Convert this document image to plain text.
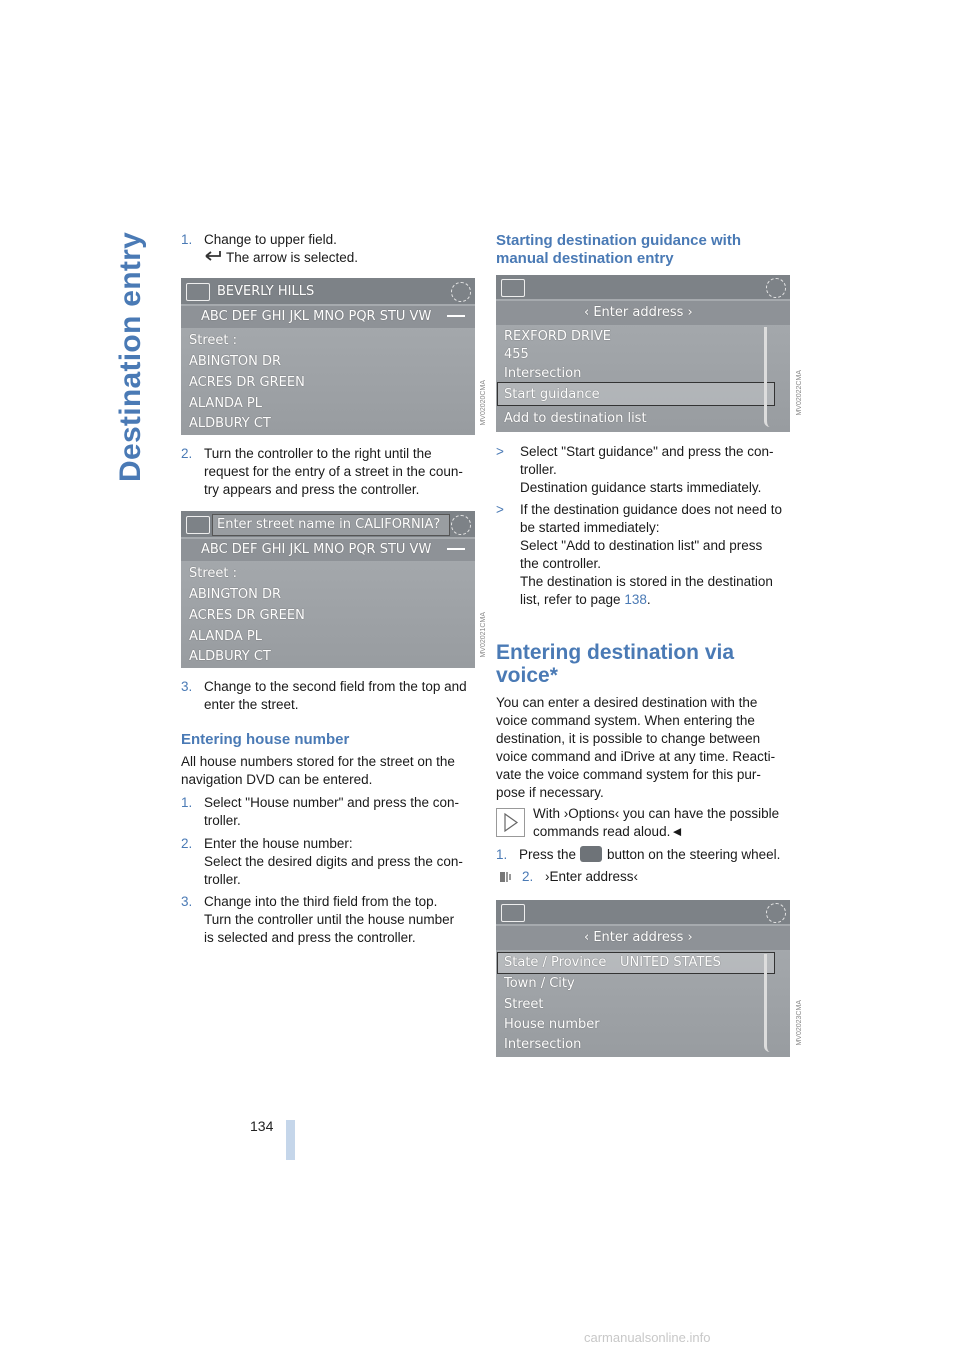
Destination entry	1. Change to upper field.
The arrow is selected.
BEVERLY HILLS
ABC DEF GHI JKL MNO PQR STU VW
Street :
ABINGTON DR
ACRES DR GREEN
ALANDA PL
ALDBURY CT	MV02020CMA
2. Turn the controller to the right until the
request for the entry of a street in the coun-
try appears and press the controller.
Enter street name in CALIFORNIA?
ABC DEF GHI JKL MNO PQR STU VW
Street :
ABINGTON DR
ACRES DR GREEN
ALANDA PL
ALDBURY CT	MV02021CMA
3. Change to the second field from the top and
enter the street.
Entering house number
All house numbers stored for the street on the
navigation DVD can be entered.
1. Select "House number" and press the con-
troller.
2. Enter the house number:
Select the desired digits and press the con-
troller.
3. Change into the third field from the top.
Turn the controller until the house number
is selected and press the controller.
Starting destination guidance with
manual destination entry
‹ Enter address ›
REXFORD DRIVE
455
Intersection
Start guidance
Add to destination list
MV02022CMA
> Select "Start guidance" and press the con-
troller.
Destination guidance starts immediately.
> If the destination guidance does not need to
be started immediately:
Select "Add to destination list" and press
the controller.
The destination is stored in the destination
list, refer to page 138.
Entering destination via
voice*
You can enter a desired destination with the
voice command system. When entering the
destination, it is possible to change between
voice command and iDrive at any time. Reacti-
vate the voice command system for this pur-
pose if necessary.
With ›Options‹ you can have the possible
commands read aloud.◄
1. Press the button on the steering wheel.
2. ›Enter address‹
‹ Enter address ›
State / Province UNITED STATES
Town / City
Street
House number
Intersection	MV02023CMA
134
carmanualsonline.info
